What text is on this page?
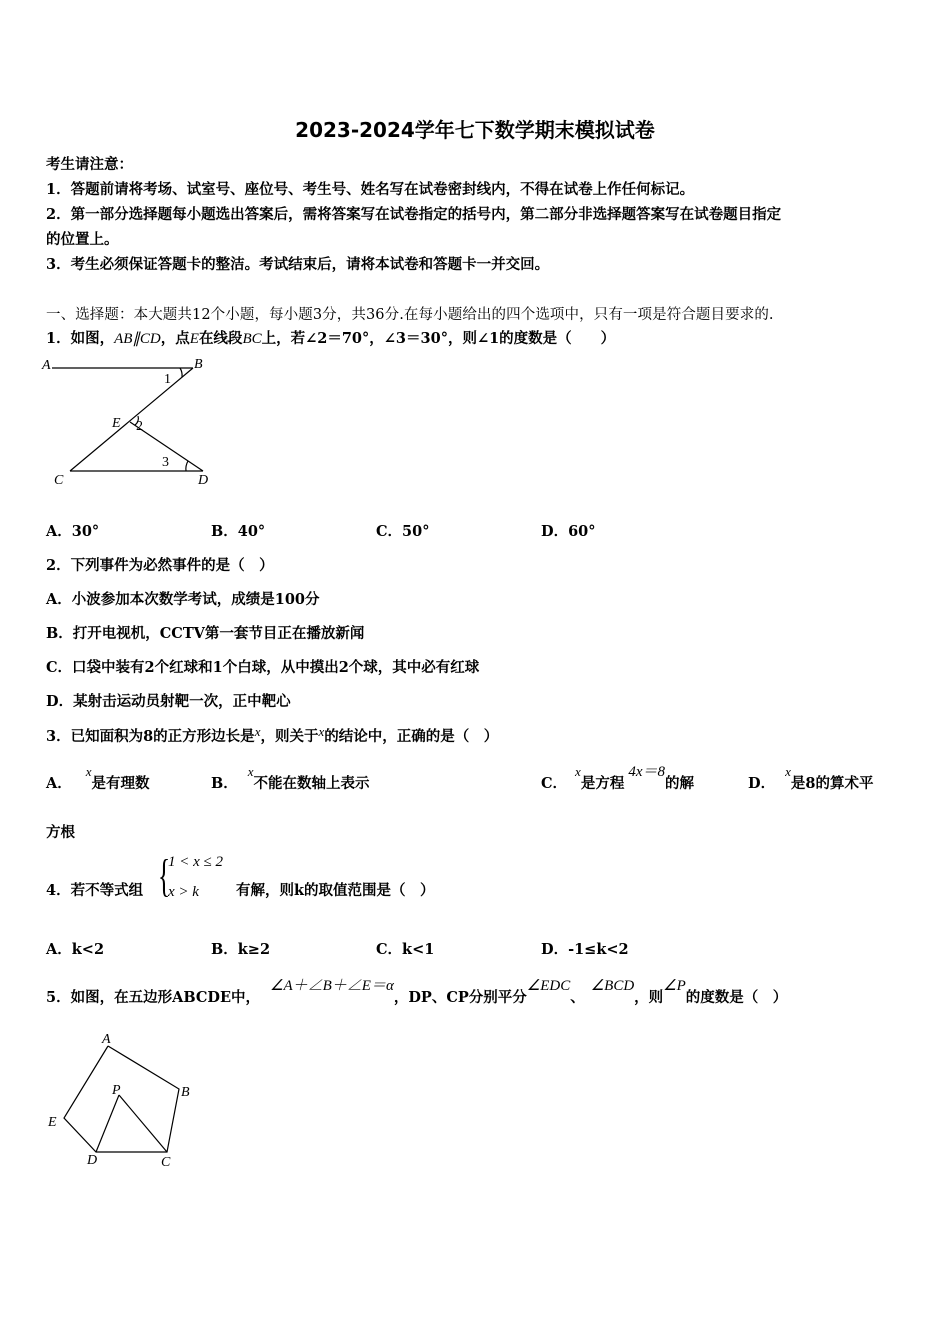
2023-2024学年七下数学期末模拟试卷
考生请注意：
1．答题前请将考场、试室号、座位号、考生号、姓名写在试卷密封线内，不得在试卷上作任何标记。
2．第一部分选择题每小题选出答案后，需将答案写在试卷指定的括号内，第二部分非选择题答案写在试卷题目指定
的位置上。
3．考生必须保证答题卡的整洁。考试结束后，请将本试卷和答题卡一并交回。
一、选择题：本大题共12个小题，每小题3分，共36分.在每小题给出的四个选项中，只有一项是符合题目要求的.
1．如图，AB∥CD，点E在线段BC上，若∠2＝70°，∠3＝30°，则∠1的度数是（　　）
A	B
C	D
E
1
2
3
A．30°	B．40°	C．50°	D．60°
2．下列事件为必然事件的是（　）
A．小波参加本次数学考试，成绩是100分
B．打开电视机，CCTV第一套节目正在播放新闻
C．口袋中装有2个红球和1个白球，从中摸出2个球，其中必有红球
D．某射击运动员射靶一次，正中靶心
3．已知面积为8的正方形边长是x，则关于x的结论中，正确的是（　）
A．x是有理数	B．x不能在数轴上表示	C．x是方程4x＝8的解	D．x是8的算术平
方根
4．若不等式组 {
1 < x ≤ 2
x > k	有解，则k的取值范围是（　）
A．k<2	B．k≥2	C．k<1	D．-1≤k<2
5．如图，在五边形ABCDE中，∠A＋∠B＋∠E＝α，DP、CP分别平分∠EDC、∠BCD，则∠P的度数是（　）
A
B
C
D
E
P
